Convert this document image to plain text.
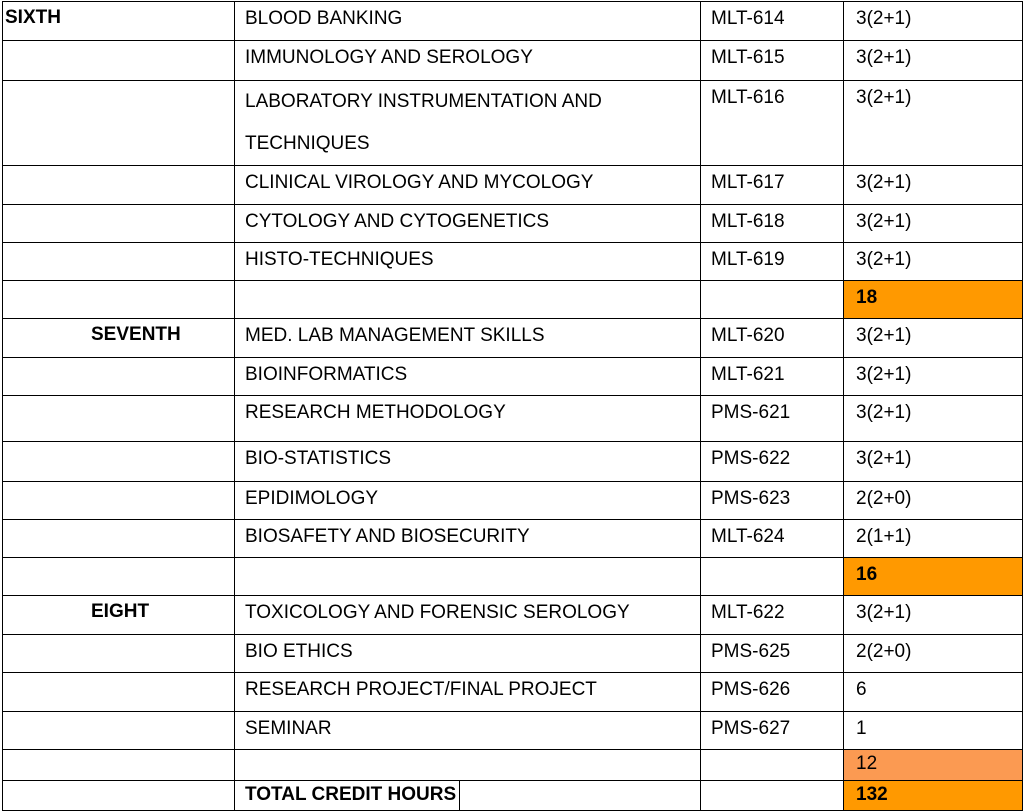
SIXTH	BLOOD BANKING	MLT-614	3(2+1)
	IMMUNOLOGY AND SEROLOGY	MLT-615	3(2+1)
	LABORATORY INSTRUMENTATION AND TECHNIQUES	MLT-616	3(2+1)
	CLINICAL VIROLOGY AND MYCOLOGY	MLT-617	3(2+1)
	CYTOLOGY AND CYTOGENETICS	MLT-618	3(2+1)
	HISTO-TECHNIQUES	MLT-619	3(2+1)
			18
SEVENTH	MED. LAB MANAGEMENT SKILLS	MLT-620	3(2+1)
	BIOINFORMATICS	MLT-621	3(2+1)
	RESEARCH METHODOLOGY	PMS-621	3(2+1)
	BIO-STATISTICS	PMS-622	3(2+1)
	EPIDIMOLOGY	PMS-623	2(2+0)
	BIOSAFETY AND BIOSECURITY	MLT-624	2(1+1)
			16
EIGHT	TOXICOLOGY AND FORENSIC SEROLOGY	MLT-622	3(2+1)
	BIO ETHICS	PMS-625	2(2+0)
	RESEARCH PROJECT/FINAL PROJECT	PMS-626	6
	SEMINAR	PMS-627	1
			12

	TOTAL CREDIT HOURS		132
